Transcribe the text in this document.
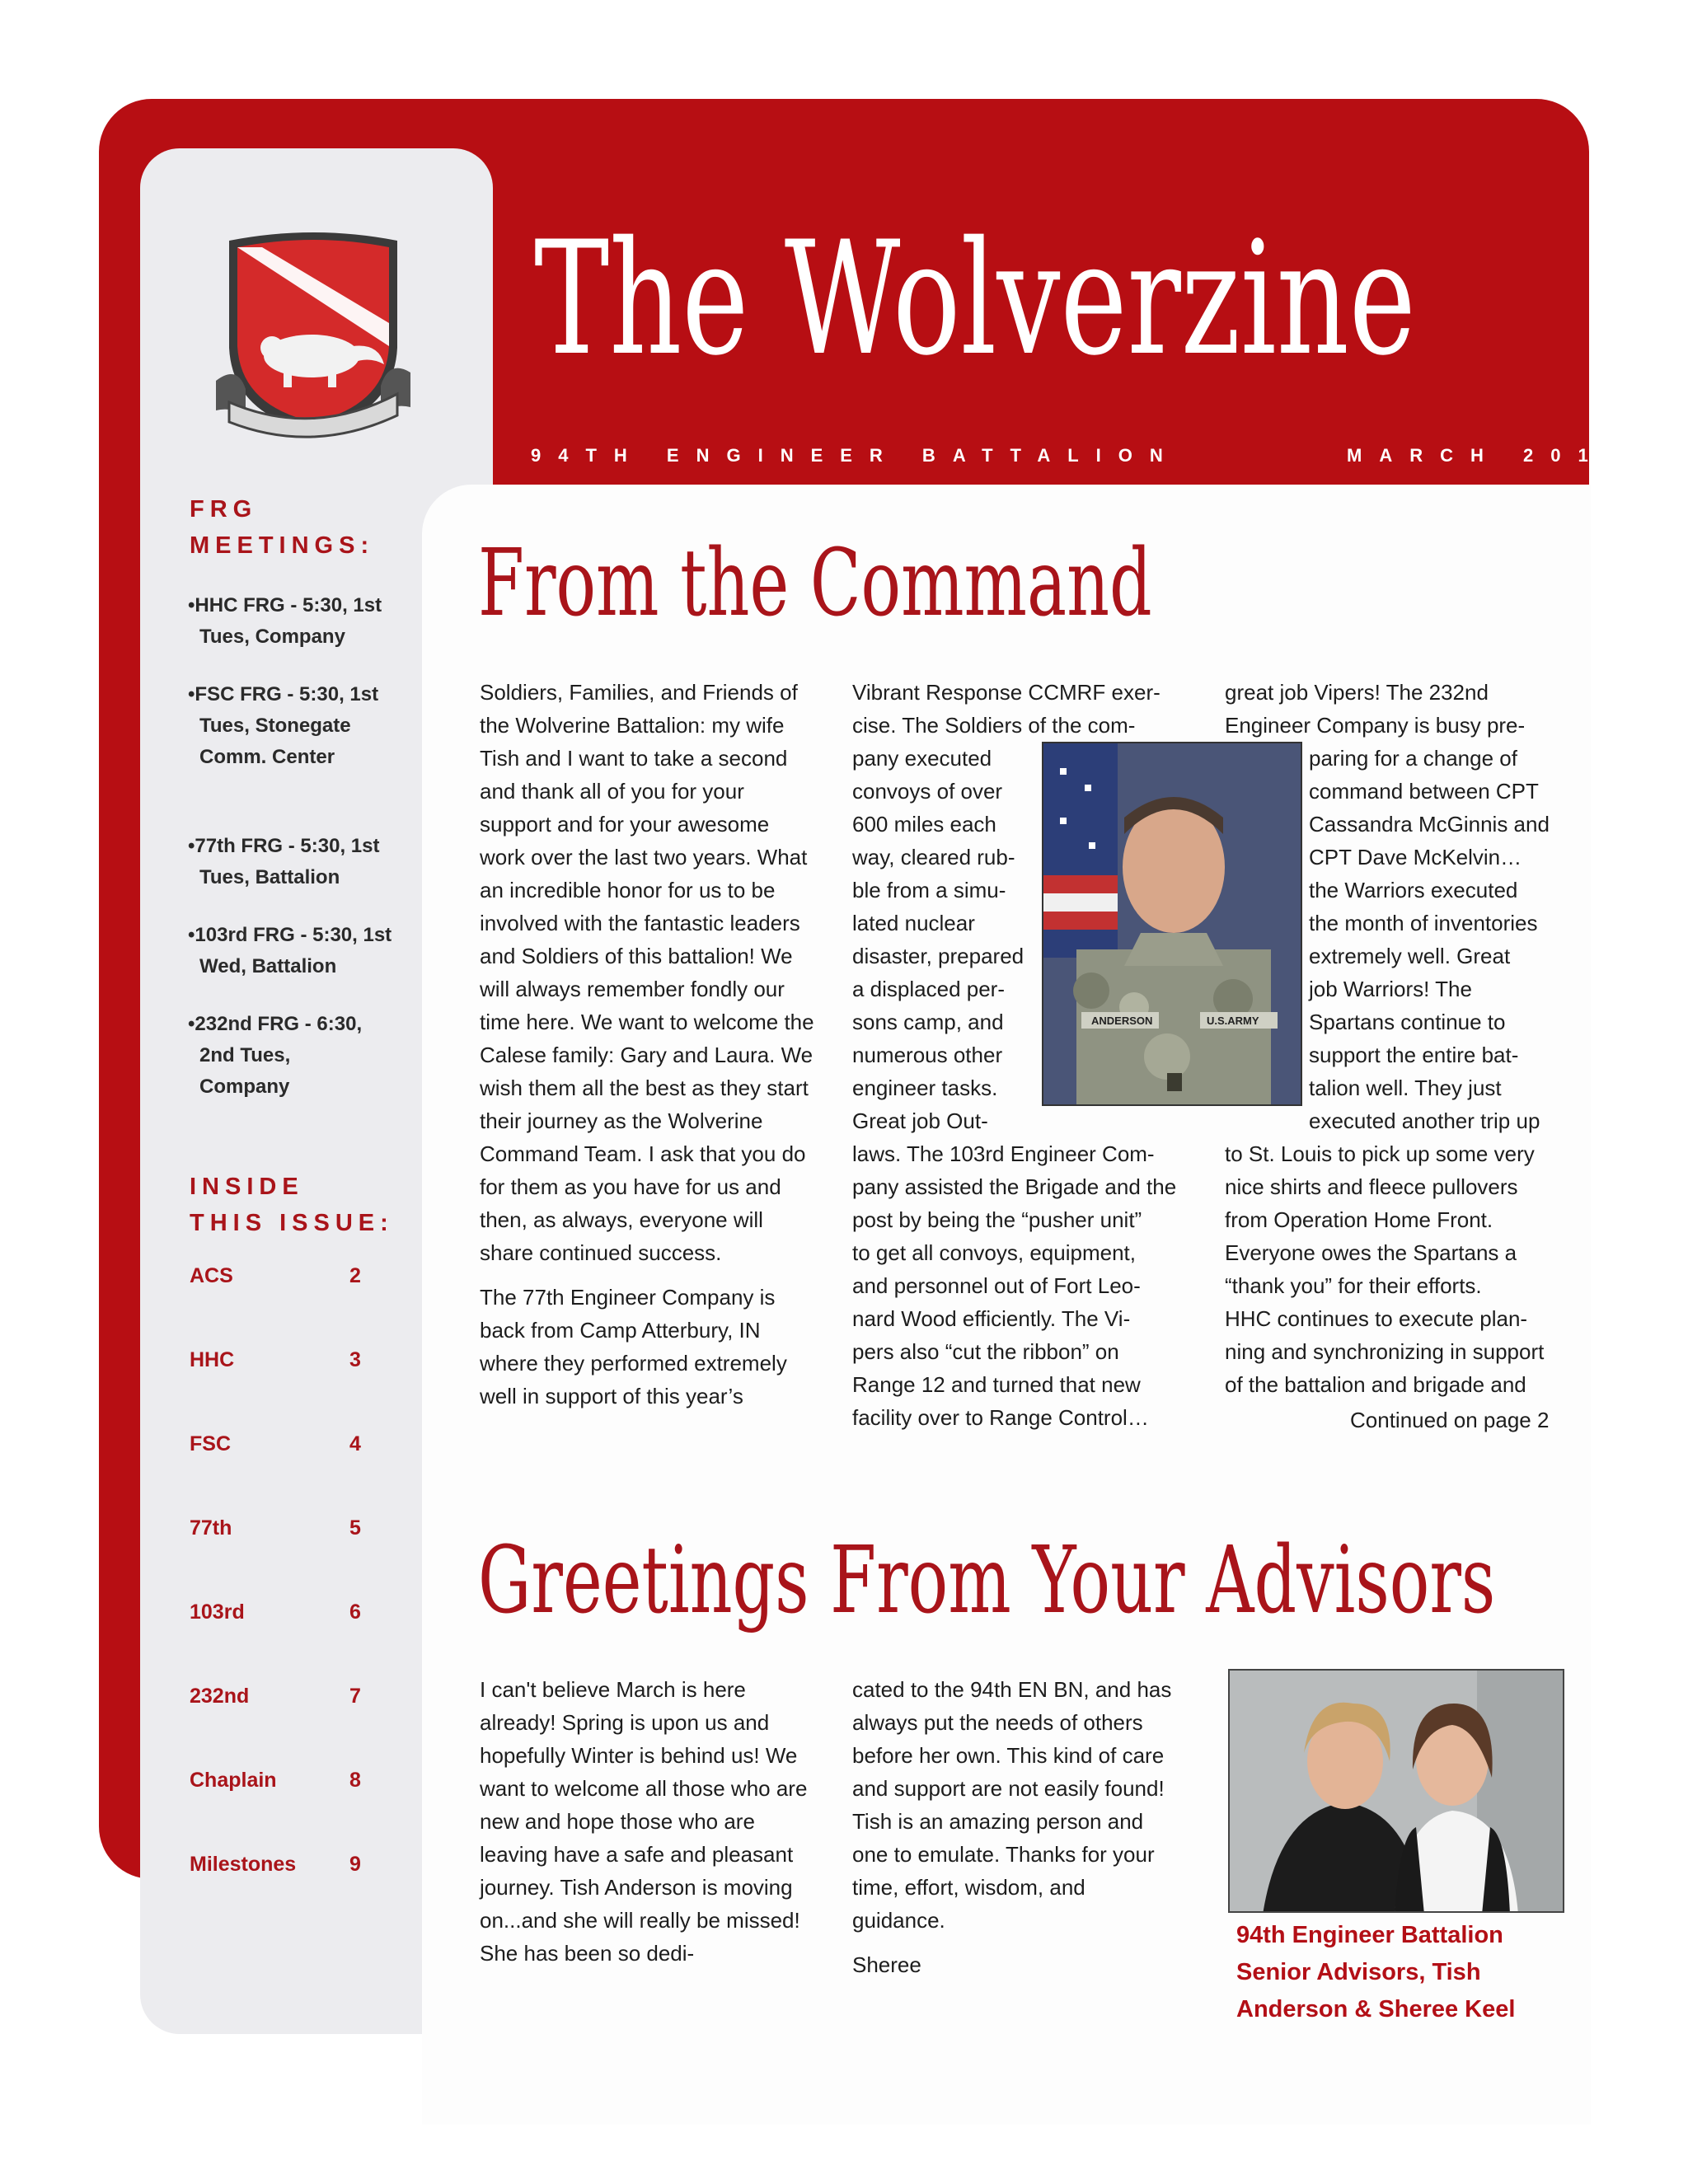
The Wolverzine
94TH ENGINEER BATTALION	MARCH 2011
FRG
MEETINGS:
•HHC FRG - 5:30, 1st Tues, Company
•FSC FRG - 5:30, 1st Tues, Stonegate Comm. Center
•77th FRG - 5:30, 1st Tues, Battalion
•103rd FRG - 5:30, 1st Wed, Battalion
•232nd FRG - 6:30, 2nd Tues, Company
INSIDE
THIS ISSUE:
ACS	2
HHC	3
FSC	4
77th	5
103rd	6
232nd	7
Chaplain	8
Milestones	9
From the Command

Soldiers, Families, and Friends of the Wolverine Battalion: my wife Tish and I want to take a second and thank all of you for your support and for your awesome work over the last two years. What an incredible honor for us to be involved with the fantastic leaders and Soldiers of this battalion! We will always remember fondly our time here. We want to welcome the Calese family: Gary and Laura. We wish them all the best as they start their journey as the Wolverine Command Team. I ask that you do for them as you have for us and then, as always, everyone will share continued success.

The 77th Engineer Company is back from Camp Atterbury, IN where they performed extremely well in support of this year’s

Vibrant Response CCMRF exer-
cise. The Soldiers of the com-
pany executed
convoys of over
600 miles each
way, cleared rub-
ble from a simu-
lated nuclear
disaster, prepared
a displaced per-
sons camp, and
numerous other
engineer tasks.
Great job Out-
laws. The 103rd Engineer Com-
pany assisted the Brigade and the
post by being the “pusher unit”
to get all convoys, equipment,
and personnel out of Fort Leo-
nard Wood efficiently. The Vi-
pers also “cut the ribbon” on
Range 12 and turned that new
facility over to Range Control…
ANDERSON	U.S.ARMY
great job Vipers! The 232nd
Engineer Company is busy pre-
paring for a change of
command between CPT
Cassandra McGinnis and
CPT Dave McKelvin…
the Warriors executed
the month of inventories
extremely well. Great
job Warriors! The
Spartans continue to
support the entire bat-
talion well. They just
executed another trip up
to St. Louis to pick up some very
nice shirts and fleece pullovers
from Operation Home Front.
Everyone owes the Spartans a
“thank you” for their efforts.
HHC continues to execute plan-
ning and synchronizing in support
of the battalion and brigade and
Continued on page 2
Greetings From Your Advisors

I can't believe March is here already! Spring is upon us and hopefully Winter is behind us! We want to welcome all those who are new and hope those who are leaving have a safe and pleasant journey. Tish Anderson is moving on...and she will really be missed! She has been so dedi-

cated to the 94th EN BN, and has always put the needs of others before her own. This kind of care and support are not easily found! Tish is an amazing person and one to emulate. Thanks for your time, effort, wisdom, and guidance.

Sheree

94th Engineer Battalion Senior Advisors, Tish Anderson & Sheree Keel
